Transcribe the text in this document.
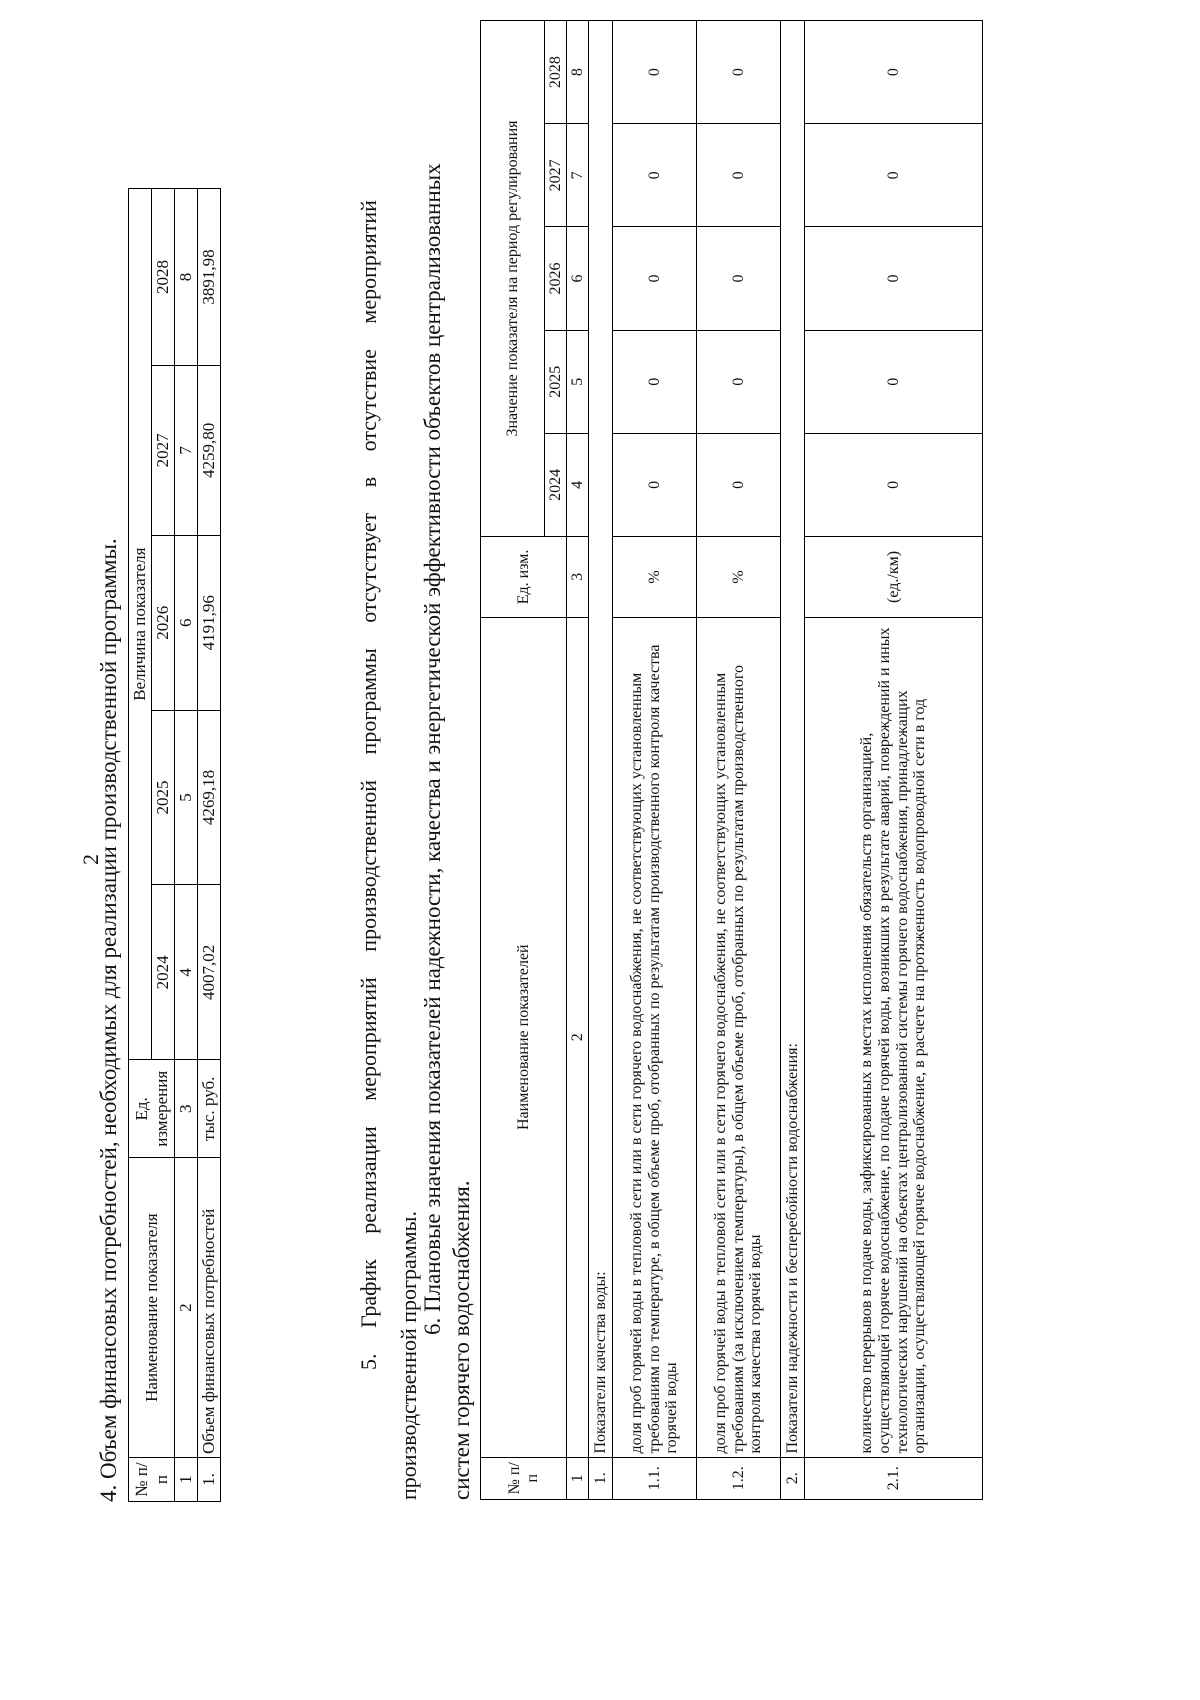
2
4. Объем финансовых потребностей, необходимых для реализации производственной программы. № п/п	Наименование показателя	Ед. измерения	Величина показателя				
			2024	2025	2026	2027	2028
1	2	3	4	5	6	7	8
1.	Объем финансовых потребностей	тыс. руб.	4007,02	4269,18	4191,96	4259,80	3891,98
5.
График
реализации
мероприятий
производственной
программы
отсутствует
в
отсутствие
мероприятий
производственной программы.
6. Плановые значения показателей надежности, качества и энергетической эффективности объектов централизованных
систем горячего водоснабжения. № п/п	Наименование показателей	Ед. изм.	Значение показателя на период регулирования				
			2024	2025	2026	2027	2028
1	2	3	4	5	6	7	8
1.	Показатели качества воды:						
1.1.	доля проб горячей воды в тепловой сети или в сети горячего водоснабжения, не соответствующих установленным требованиям по температуре, в общем объеме проб, отобранных по результатам производственного контроля качества горячей воды	%	0	0	0	0	0
1.2.	доля проб горячей воды в тепловой сети или в сети горячего водоснабжения, не соответствующих установленным требованиям (за исключением температуры), в общем объеме проб, отобранных по результатам производственного контроля качества горячей воды	%	0	0	0	0	0
2.	Показатели надежности и бесперебойности водоснабжения:						
2.1.	количество перерывов в подаче воды, зафиксированных в местах исполнения обязательств организацией, осуществляющей горячее водоснабжение, по подаче горячей воды, возникших в результате аварий, повреждений и иных технологических нарушений на объектах централизованной системы горячего водоснабжения, принадлежащих организации, осуществляющей горячее водоснабжение, в расчете на протяженность водопроводной сети в год	(ед./км)	0	0	0	0	0
